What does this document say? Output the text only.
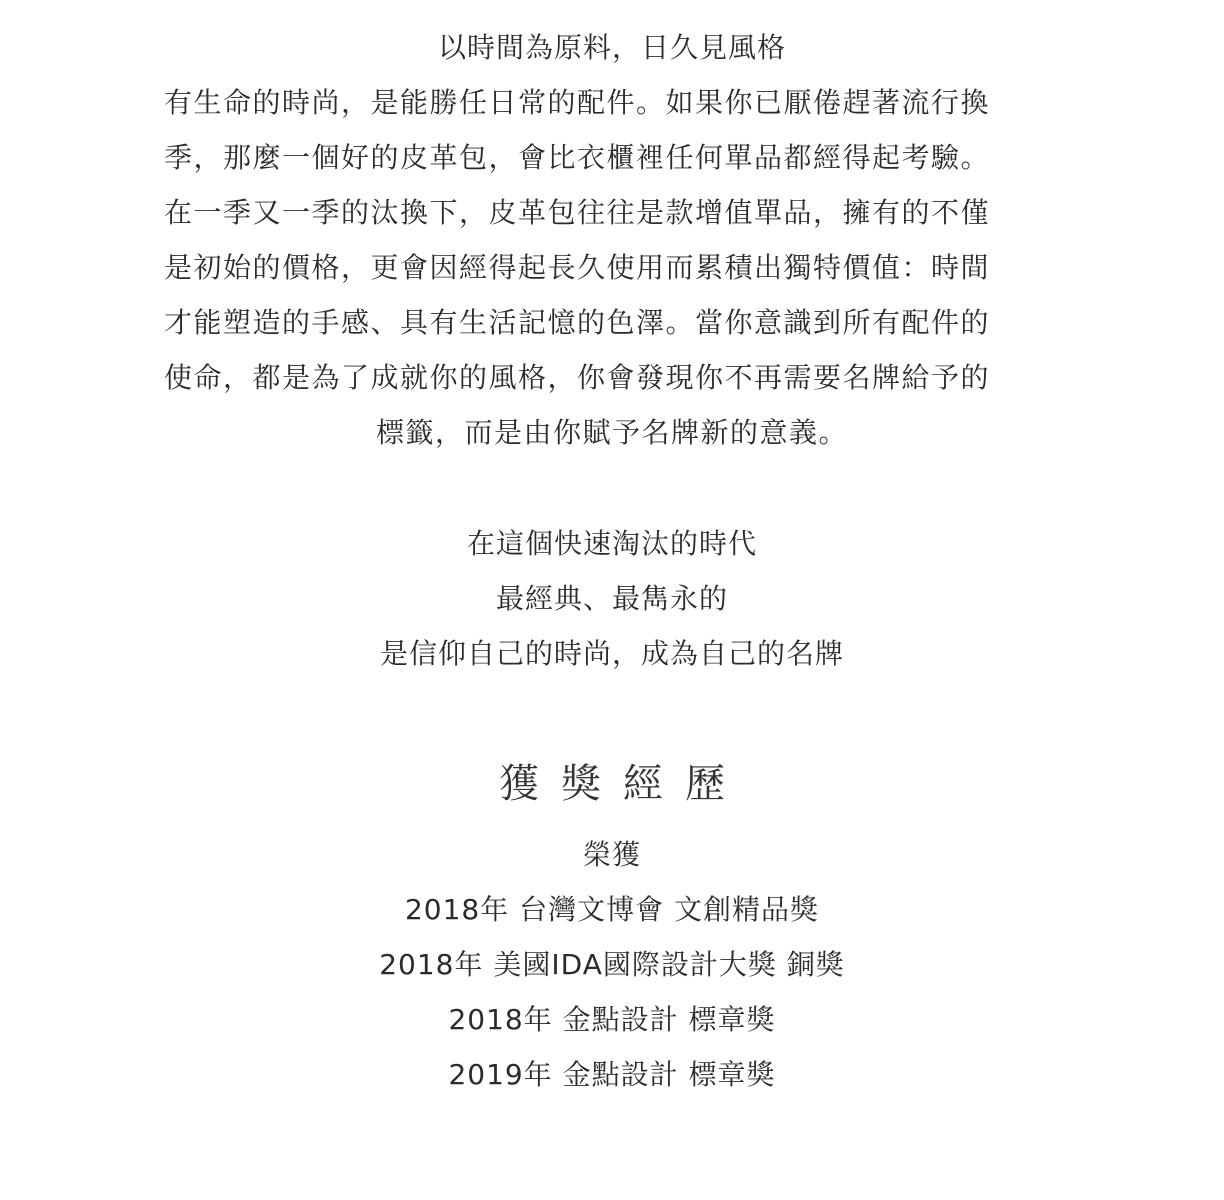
以時間為原料，日久見風格
有生命的時尚，是能勝任日常的配件。如果你已厭倦趕著流行換
季，那麼一個好的皮革包，會比衣櫃裡任何單品都經得起考驗。
在一季又一季的汰換下，皮革包往往是款增值單品，擁有的不僅
是初始的價格，更會因經得起長久使用而累積出獨特價值：時間
才能塑造的手感、具有生活記憶的色澤。當你意識到所有配件的
使命，都是為了成就你的風格，你會發現你不再需要名牌給予的
標籤，而是由你賦予名牌新的意義。
在這個快速淘汰的時代
最經典、最雋永的
是信仰自己的時尚，成為自己的名牌
獲獎經歷
榮獲
2018年 台灣文博會 文創精品獎
2018年 美國IDA國際設計大獎 銅獎
2018年 金點設計 標章獎
2019年 金點設計 標章獎
